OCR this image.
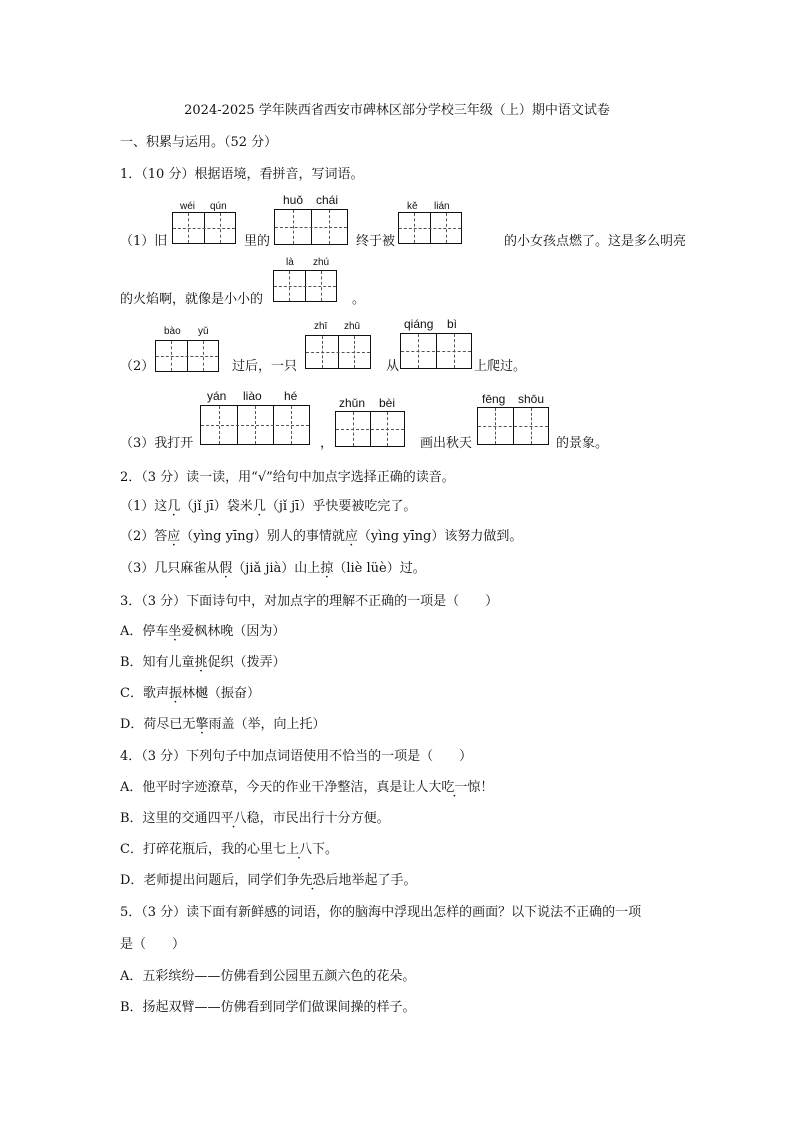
2024-2025 学年陕西省西安市碑林区部分学校三年级（上）期中语文试卷
一、积累与运用。（52 分）
1．（10 分）根据语境，看拼音，写词语。
（1）旧
wéi qún
里的
huǒ chái
终于被
kě lián
的小女孩点燃了。这是多么明亮
的火焰啊，就像是小小的
là zhú
。
（2）
bào yǔ
过后，一只
zhī zhū
从
qiáng bì
上爬过。
（3）我打开
yán liào hé
，
zhǔn bèi
画出秋天
fēng shōu
的景象。
2．（3 分）读一读，用“√”给句中加点字选择正确的读音。
（1）这几（jǐ jī）袋米几（jǐ jī）乎快要被吃完了。
（2）答应（yìng yīng）别人的事情就应（yìng yīng）该努力做到。
（3）几只麻雀从假（jiǎ jià）山上掠（liè lüè）过。
3．（3 分）下面诗句中，对加点字的理解不正确的一项是（　　）
A．停车坐爱枫林晚（因为）
B．知有儿童挑促织（拨弄）
C．歌声振林樾（振奋）
D．荷尽已无擎雨盖（举，向上托）
4．（3 分）下列句子中加点词语使用不恰当的一项是（　　）
A．他平时字迹潦草，今天的作业干净整洁，真是让人大吃一惊！
B．这里的交通四平八稳，市民出行十分方便。
C．打碎花瓶后，我的心里七上八下。
D．老师提出问题后，同学们争先恐后地举起了手。
5．（3 分）读下面有新鲜感的词语，你的脑海中浮现出怎样的画面？以下说法不正确的一项
是（　　）
A．五彩缤纷——仿佛看到公园里五颜六色的花朵。
B．扬起双臂——仿佛看到同学们做课间操的样子。
